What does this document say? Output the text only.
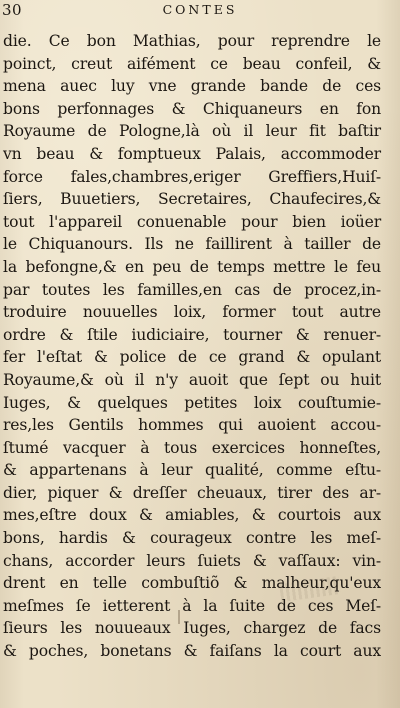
30	CONTES
die. Ce bon Mathias, pour reprendre le
poinct, creut aifément ce beau confeil, &
mena auec luy vne grande bande de ces
bons perfonnages & Chiquaneurs en fon
Royaume de Pologne,là où il leur fit baſtir
vn beau & fomptueux Palais, accommoder
force fales,chambres,eriger Greffiers,Huiſ-
ſiers, Buuetiers, Secretaires, Chaufecires,&
tout l'appareil conuenable pour bien ioüer
le Chiquanours. Ils ne faillirent à tailler de
la befongne,& en peu de temps mettre le feu
par toutes les familles,en cas de procez,in-
troduire nouuelles loix, former tout autre
ordre & ſtile iudiciaire, tourner & renuer-
fer l'eſtat & police de ce grand & opulant
Royaume,& où il n'y auoit que ſept ou huit
Iuges, & quelques petites loix couſtumie-
res,les Gentils hommes qui auoient accou-
ſtumé vacquer à tous exercices honneſtes,
& appartenans à leur qualité, comme eſtu-
dier, piquer & dreſſer cheuaux, tirer des ar-
mes,eſtre doux & amiables, & courtois aux
bons, hardis & courageux contre les meſ-
chans, accorder leurs ſuiets & vaſſaux: vin-
drent en telle combuſtiõ & malheur,qu'eux
meſmes ſe ietterent à la ſuite de ces Meſ-
ſieurs les nouueaux Iuges, chargez de facs
& poches, bonetans & faiſans la court aux
